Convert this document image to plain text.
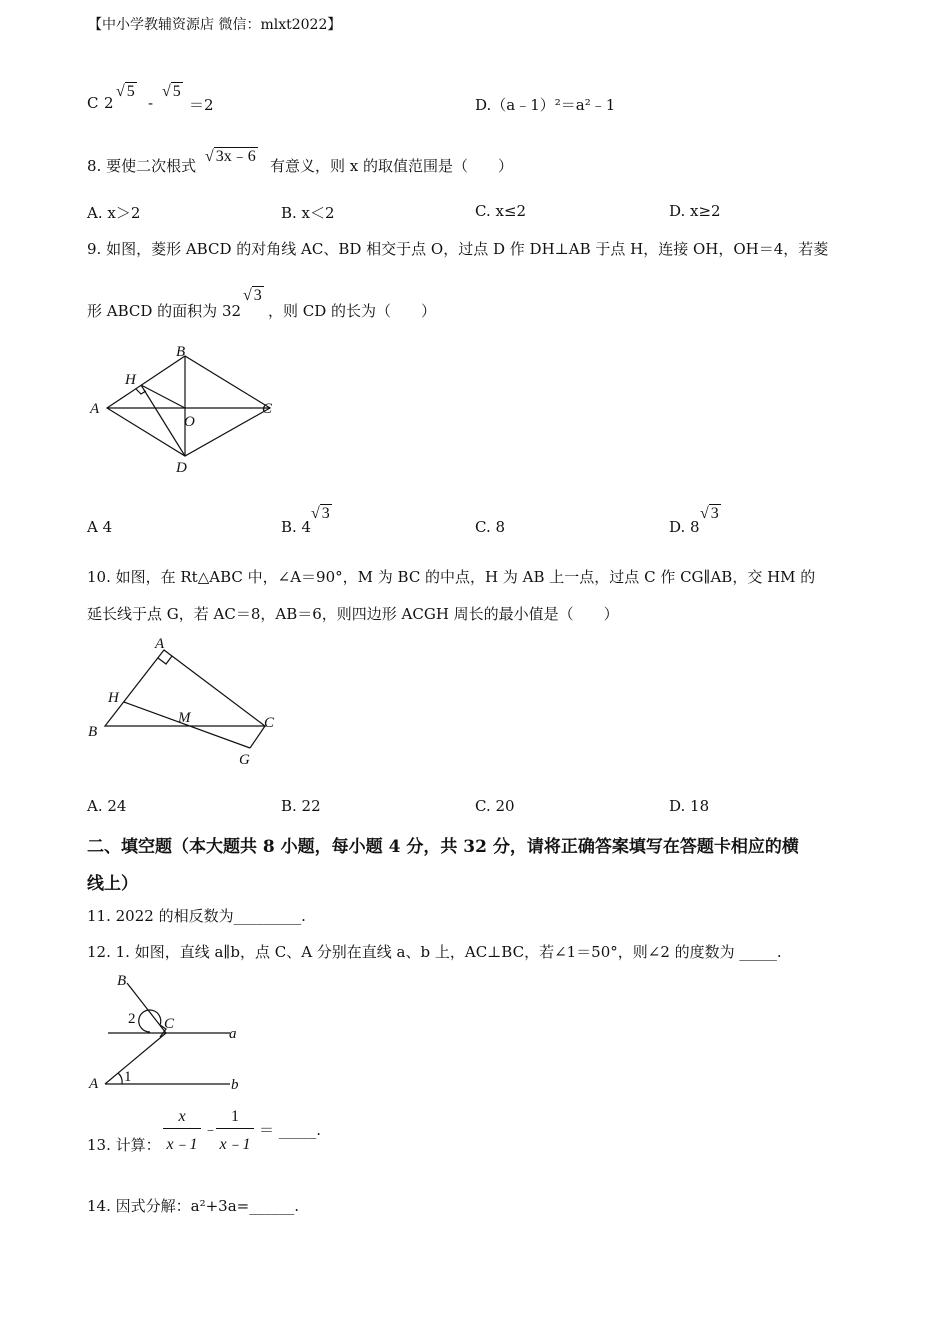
【中小学教辅资源店 微信：mlxt2022】
C 2
√ 5
-
√ 5
＝2	D.（a﹣1）²＝a²﹣1
8. 要使二次根式
√ 3x﹣6
有意义，则 x 的取值范围是（　　）
A. x＞2	B. x＜2	C. x≤2	D. x≥2
9. 如图，菱形 ABCD 的对角线 AC、BD 相交于点 O，过点 D 作 DH⊥AB 于点 H，连接 OH，OH＝4，若菱
形 ABCD 的面积为 32
√ 3
，则 CD 的长为（　　）
A
B
C
D
H
O
A 4	B. 4
√ 3
C. 8	D. 8
√ 3
10. 如图，在 Rt△ABC 中，∠A＝90°，M 为 BC 的中点，H 为 AB 上一点，过点 C 作 CG∥AB，交 HM 的
延长线于点 G，若 AC＝8，AB＝6，则四边形 ACGH 周长的最小值是（　　）
A
B
C
G
H
M
A. 24	B. 22	C. 20	D. 18
二、填空题（本大题共 8 小题，每小题 4 分，共 32 分，请将正确答案填写在答题卡相应的横
线上）
11. 2022 的相反数为_________.
12. 1. 如图，直线 a∥b，点 C、A 分别在直线 a、b 上，AC⊥BC，若∠1＝50°，则∠2 的度数为 _____.
B
C
a
A	b
1
2
13. 计算： $\frac{x}{x﹣1}$ ﹣
$\frac{1}{x﹣1}$ ＝ _____.
14. 因式分解：a²+3a=______.
